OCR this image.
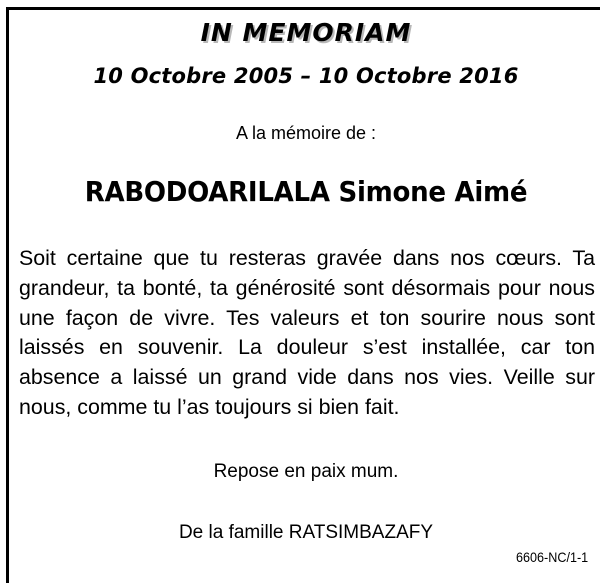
IN MEMORIAM
10 Octobre 2005 – 10 Octobre 2016
A la mémoire de :
RABODOARILALA Simone Aimé
Soit certaine que tu resteras gravée dans nos cœurs. Ta grandeur, ta bonté, ta générosité sont désormais pour nous une façon de vivre. Tes valeurs et ton sourire nous sont laissés en souvenir. La douleur s’est installée, car ton absence a laissé un grand vide dans nos vies. Veille sur nous, comme tu l’as toujours si bien fait.
Repose en paix mum.
De la famille RATSIMBAZAFY
6606-NC/1-1
